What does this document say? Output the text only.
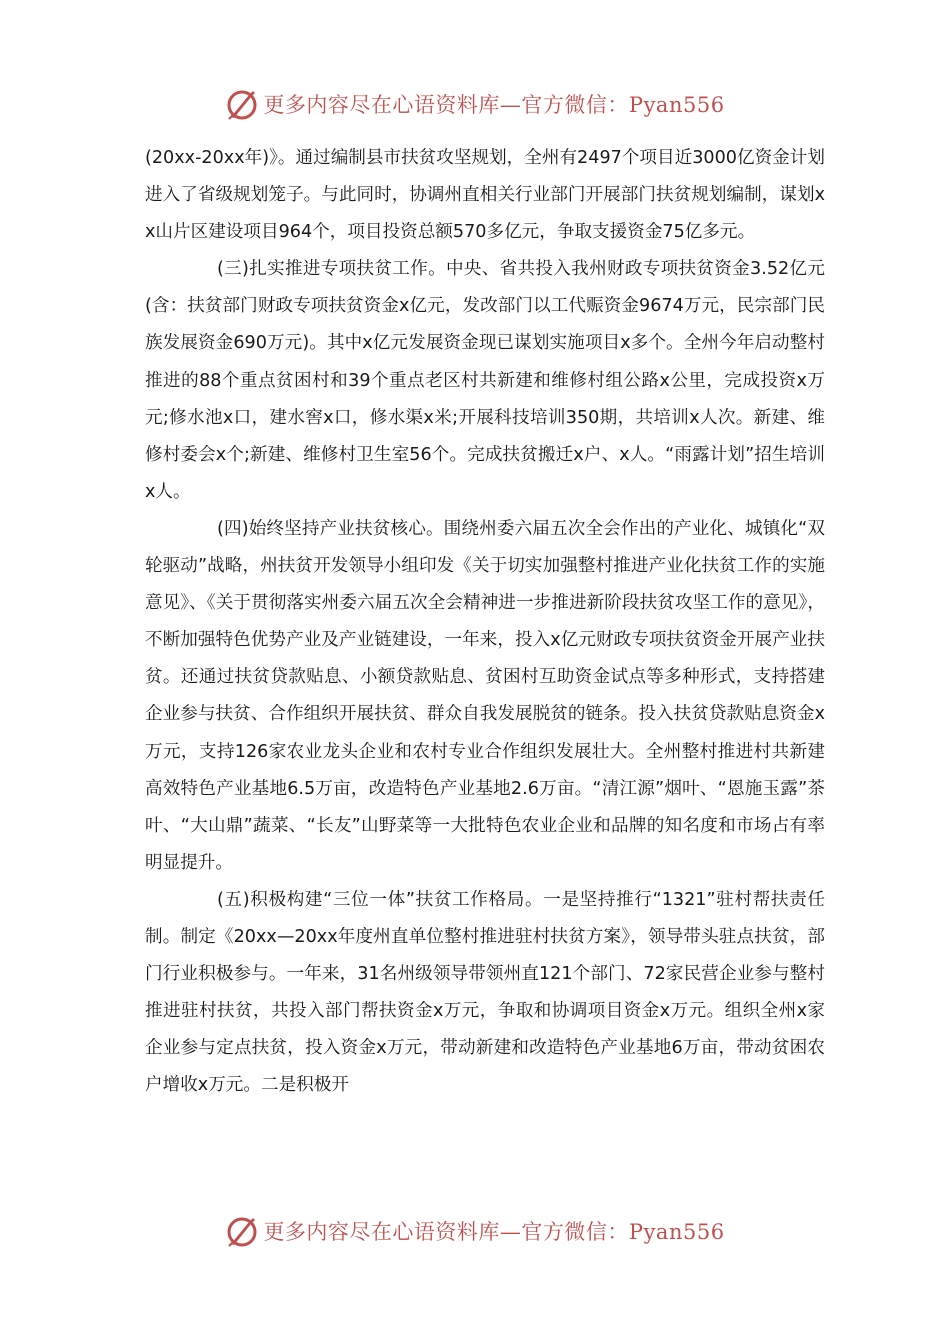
更多内容尽在心语资料库—官方微信：Pyan556

(20xx-20xx年)》。通过编制县市扶贫攻坚规划，全州有2497个项目近3000亿资金计划进入了省级规划笼子。与此同时，协调州直相关行业部门开展部门扶贫规划编制，谋划xx山片区建设项目964个，项目投资总额570多亿元，争取支援资金75亿多元。

(三)扎实推进专项扶贫工作。中央、省共投入我州财政专项扶贫资金3.52亿元(含：扶贫部门财政专项扶贫资金x亿元，发改部门以工代赈资金9674万元，民宗部门民族发展资金690万元)。其中x亿元发展资金现已谋划实施项目x多个。全州今年启动整村推进的88个重点贫困村和39个重点老区村共新建和维修村组公路x公里，完成投资x万元;修水池x口，建水窖x口，修水渠x米;开展科技培训350期，共培训x人次。新建、维修村委会x个;新建、维修村卫生室56个。完成扶贫搬迁x户、x人。“雨露计划”招生培训x人。

(四)始终坚持产业扶贫核心。围绕州委六届五次全会作出的产业化、城镇化“双轮驱动”战略，州扶贫开发领导小组印发《关于切实加强整村推进产业化扶贫工作的实施意见》、《关于贯彻落实州委六届五次全会精神进一步推进新阶段扶贫攻坚工作的意见》，不断加强特色优势产业及产业链建设，一年来，投入x亿元财政专项扶贫资金开展产业扶贫。还通过扶贫贷款贴息、小额贷款贴息、贫困村互助资金试点等多种形式，支持搭建企业参与扶贫、合作组织开展扶贫、群众自我发展脱贫的链条。投入扶贫贷款贴息资金x万元，支持126家农业龙头企业和农村专业合作组织发展壮大。全州整村推进村共新建高效特色产业基地6.5万亩，改造特色产业基地2.6万亩。“清江源”烟叶、“恩施玉露”茶叶、“大山鼎”蔬菜、“长友”山野菜等一大批特色农业企业和品牌的知名度和市场占有率明显提升。

(五)积极构建“三位一体”扶贫工作格局。一是坚持推行“1321”驻村帮扶责任制。制定《20xx—20xx年度州直单位整村推进驻村扶贫方案》，领导带头驻点扶贫，部门行业积极参与。一年来，31名州级领导带领州直121个部门、72家民营企业参与整村推进驻村扶贫，共投入部门帮扶资金x万元，争取和协调项目资金x万元。组织全州x家企业参与定点扶贫，投入资金x万元，带动新建和改造特色产业基地6万亩，带动贫困农户增收x万元。二是积极开

更多内容尽在心语资料库—官方微信：Pyan556
